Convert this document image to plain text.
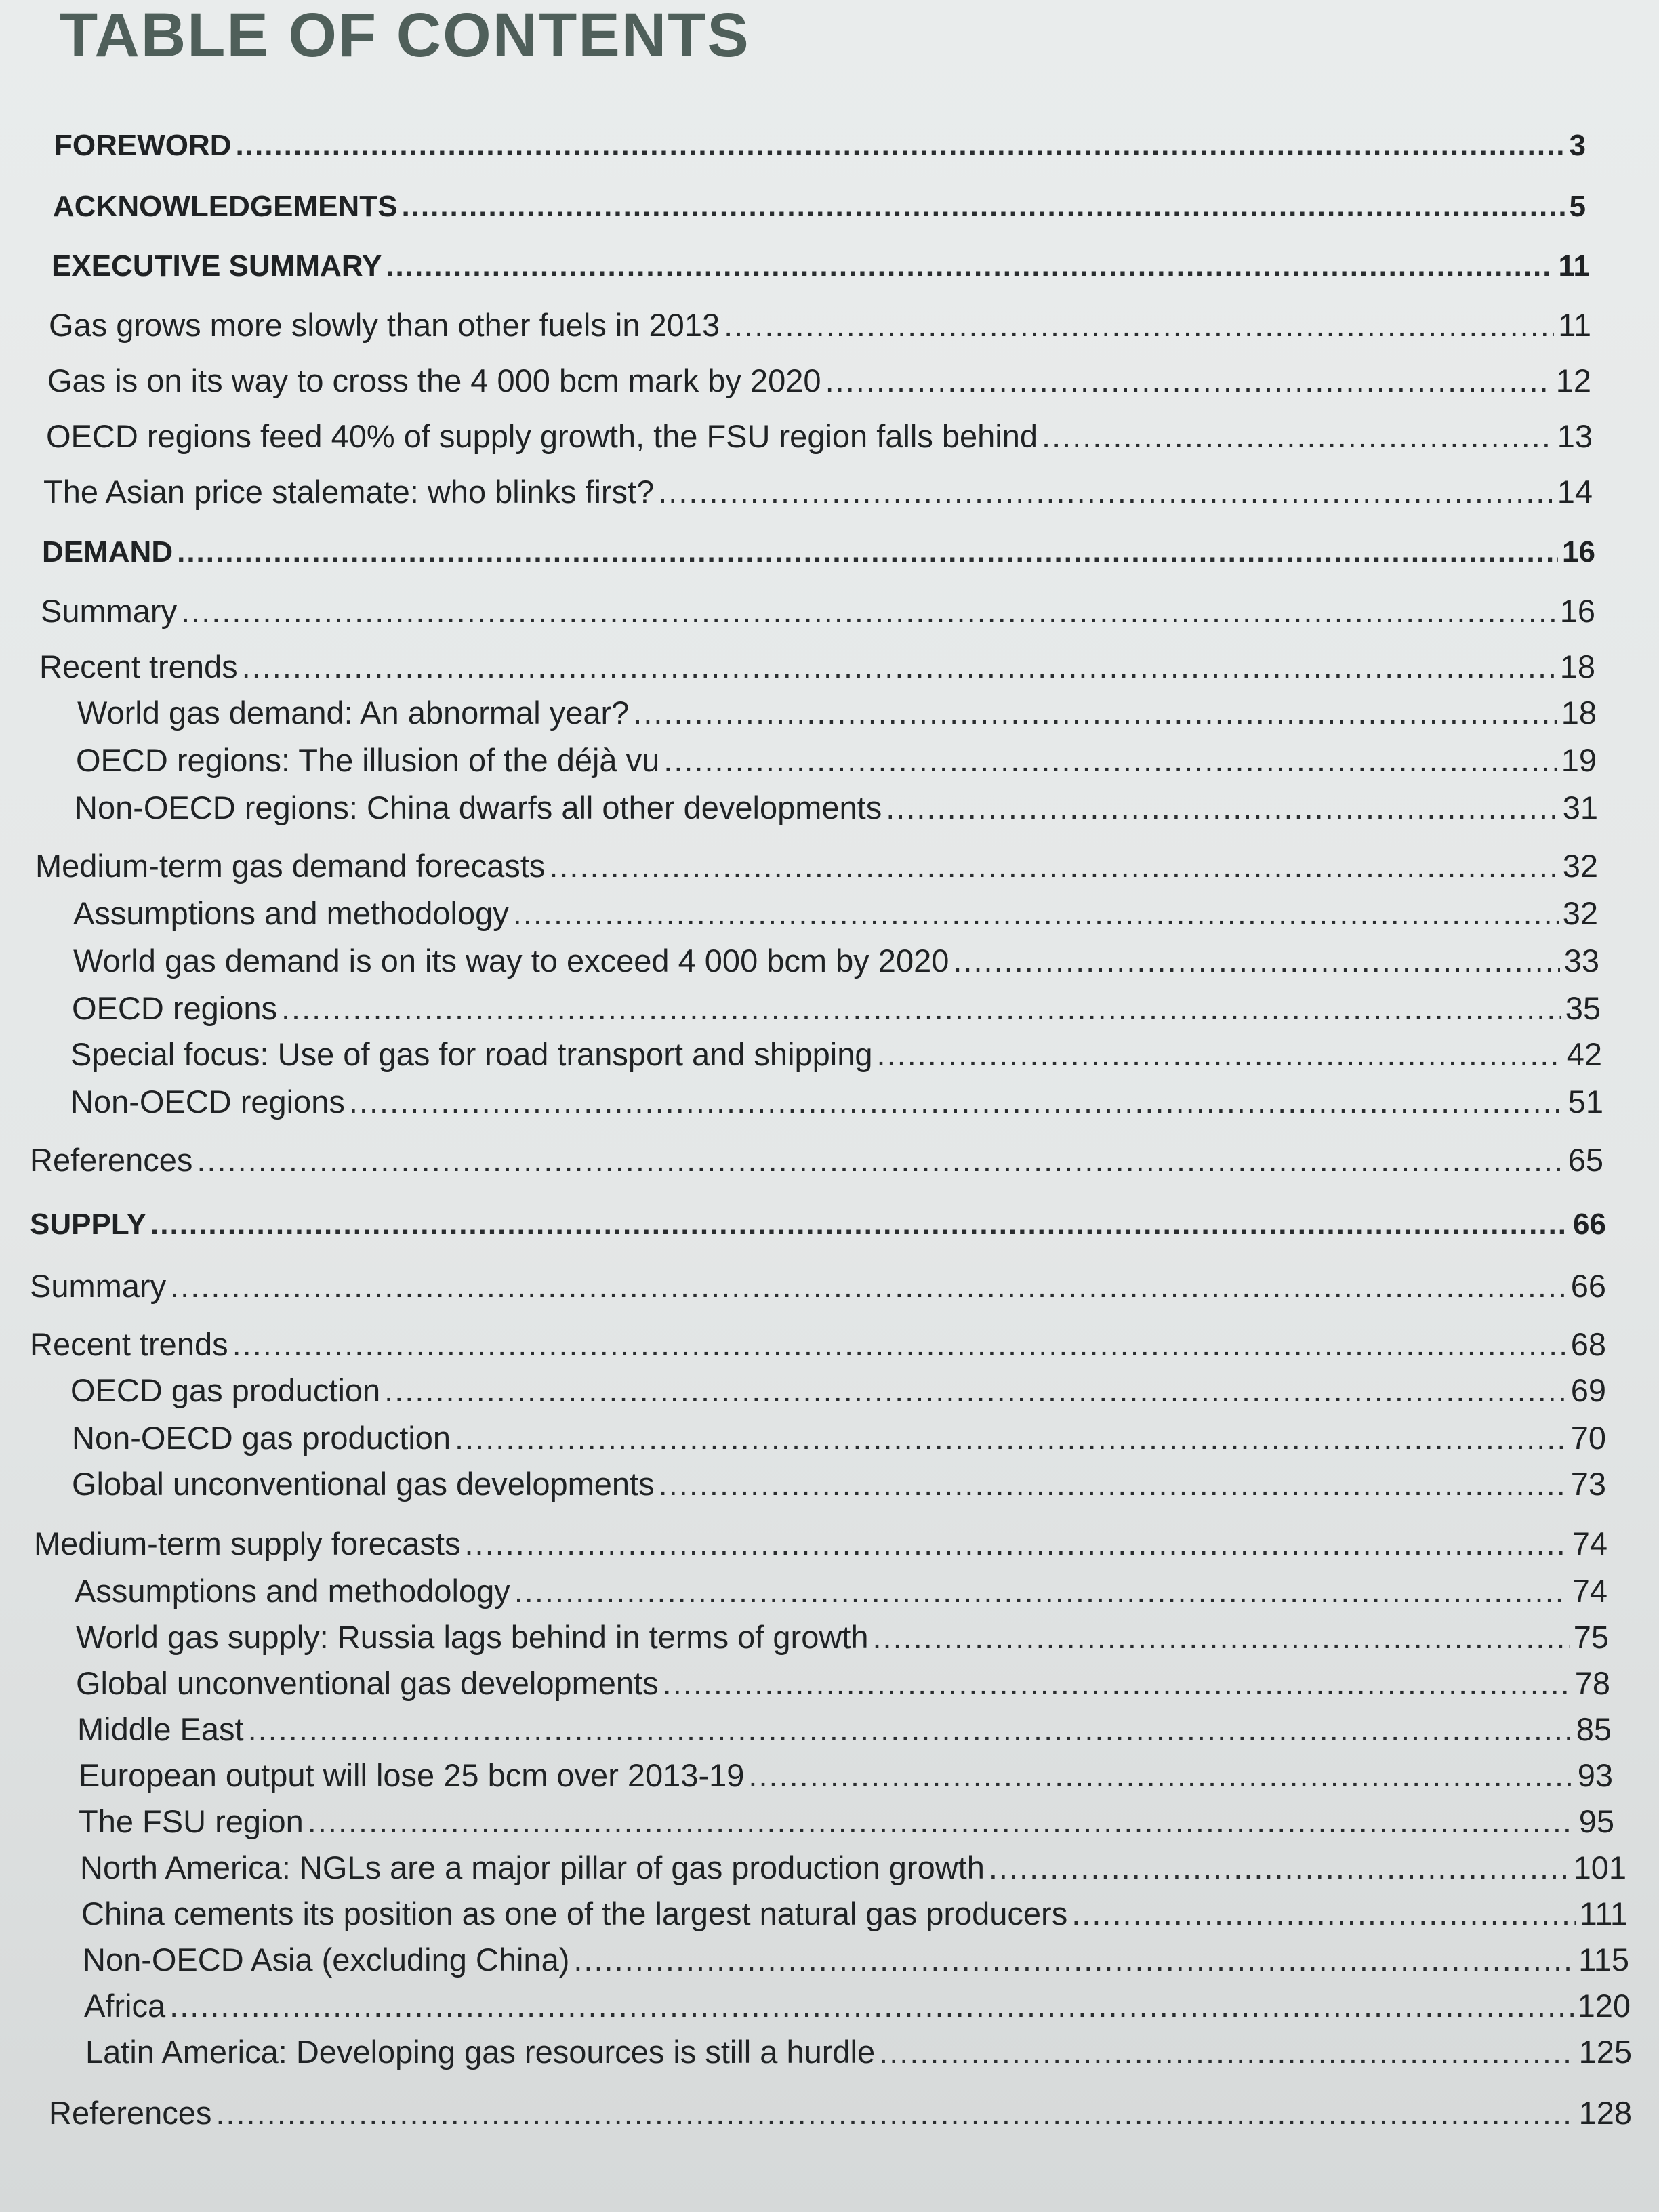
TABLE OF CONTENTS
FOREWORD .....	3
ACKNOWLEDGEMENTS .....	5
EXECUTIVE SUMMARY .....	11
Gas grows more slowly than other fuels in 2013 .....	11
Gas is on its way to cross the 4 000 bcm mark by 2020 .....	12
OECD regions feed 40% of supply growth, the FSU region falls behind .....	13
The Asian price stalemate: who blinks first? .....	14
DEMAND .....	16
Summary .....	16
Recent trends .....	18
World gas demand: An abnormal year? .....	18
OECD regions: The illusion of the déjà vu .....	19
Non-OECD regions: China dwarfs all other developments .....	31
Medium-term gas demand forecasts .....	32
Assumptions and methodology .....	32
World gas demand is on its way to exceed 4 000 bcm by 2020 .....	33
OECD regions .....	35
Special focus: Use of gas for road transport and shipping .....	42
Non-OECD regions .....	51
References .....	65
SUPPLY .....	66
Summary .....	66
Recent trends .....	68
OECD gas production .....	69
Non-OECD gas production .....	70
Global unconventional gas developments .....	73
Medium-term supply forecasts .....	74
Assumptions and methodology .....	74
World gas supply: Russia lags behind in terms of growth .....	75
Global unconventional gas developments .....	78
Middle East .....	85
European output will lose 25 bcm over 2013-19 .....	93
The FSU region .....	95
North America: NGLs are a major pillar of gas production growth .....	101
China cements its position as one of the largest natural gas producers .....	111
Non-OECD Asia (excluding China) .....	115
Africa .....	120
Latin America: Developing gas resources is still a hurdle .....	125
References .....	128
